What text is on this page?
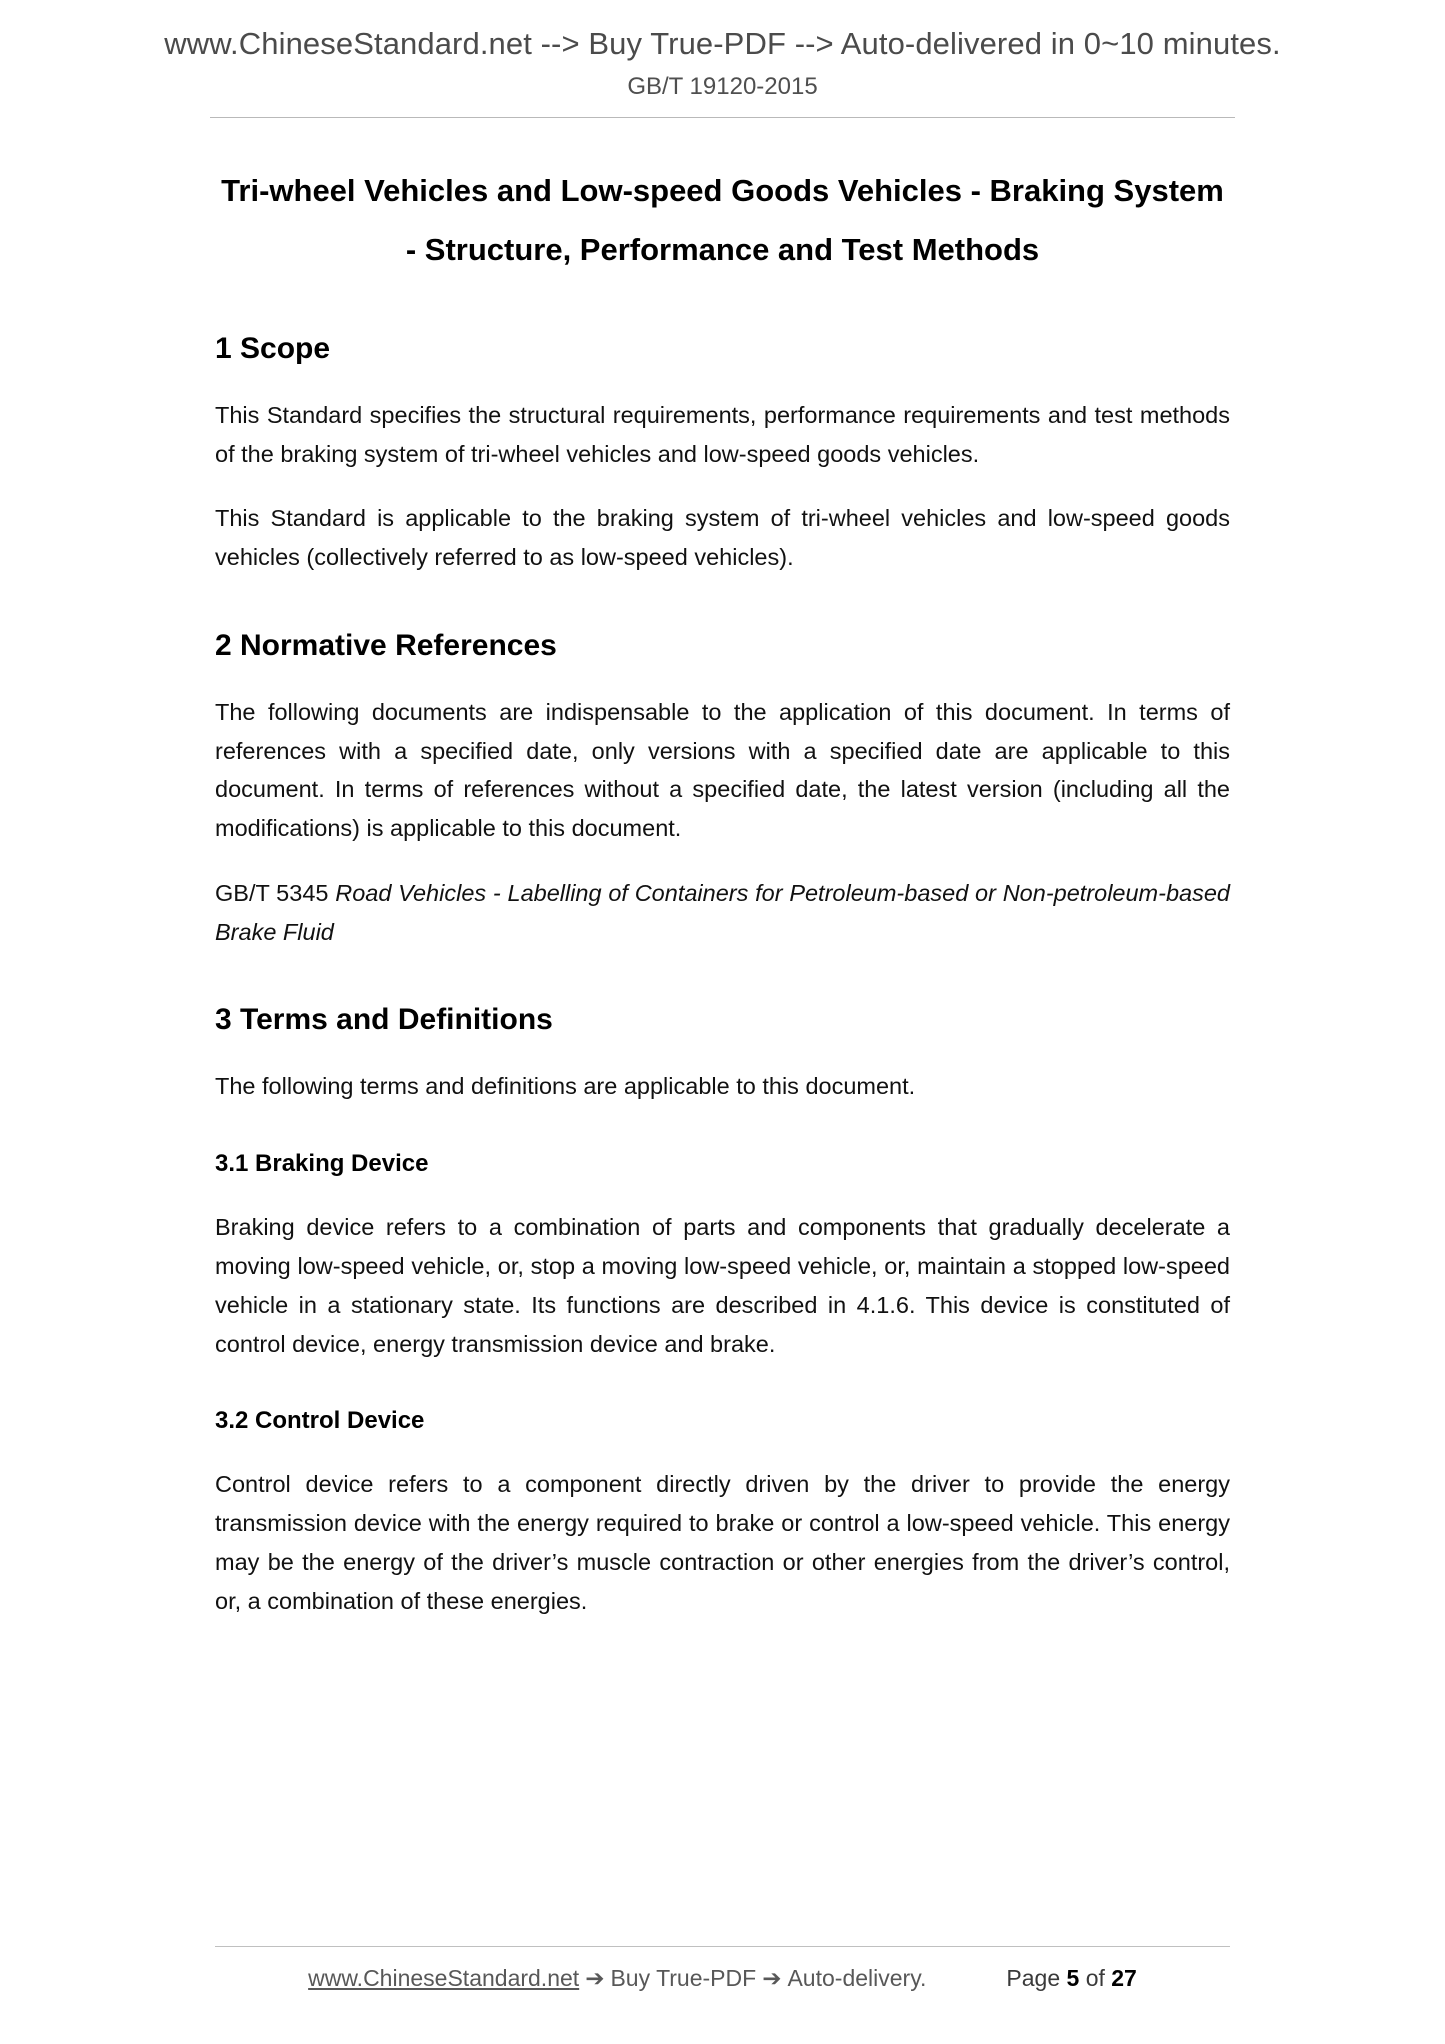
www.ChineseStandard.net --> Buy True-PDF --> Auto-delivered in 0~10 minutes.
GB/T 19120-2015
Tri-wheel Vehicles and Low-speed Goods Vehicles - Braking System - Structure, Performance and Test Methods
1 Scope

This Standard specifies the structural requirements, performance requirements and test methods of the braking system of tri-wheel vehicles and low-speed goods vehicles.

This Standard is applicable to the braking system of tri-wheel vehicles and low-speed goods vehicles (collectively referred to as low-speed vehicles).

2 Normative References

The following documents are indispensable to the application of this document. In terms of references with a specified date, only versions with a specified date are applicable to this document. In terms of references without a specified date, the latest version (including all the modifications) is applicable to this document.

GB/T 5345 Road Vehicles - Labelling of Containers for Petroleum-based or Non-petroleum-based Brake Fluid

3 Terms and Definitions

The following terms and definitions are applicable to this document.

3.1 Braking Device

Braking device refers to a combination of parts and components that gradually decelerate a moving low-speed vehicle, or, stop a moving low-speed vehicle, or, maintain a stopped low-speed vehicle in a stationary state. Its functions are described in 4.1.6. This device is constituted of control device, energy transmission device and brake.

3.2 Control Device

Control device refers to a component directly driven by the driver to provide the energy transmission device with the energy required to brake or control a low-speed vehicle. This energy may be the energy of the driver’s muscle contraction or other energies from the driver’s control, or, a combination of these energies.

www.ChineseStandard.net ➔ Buy True-PDF ➔ Auto-delivery.	Page 5 of 27
